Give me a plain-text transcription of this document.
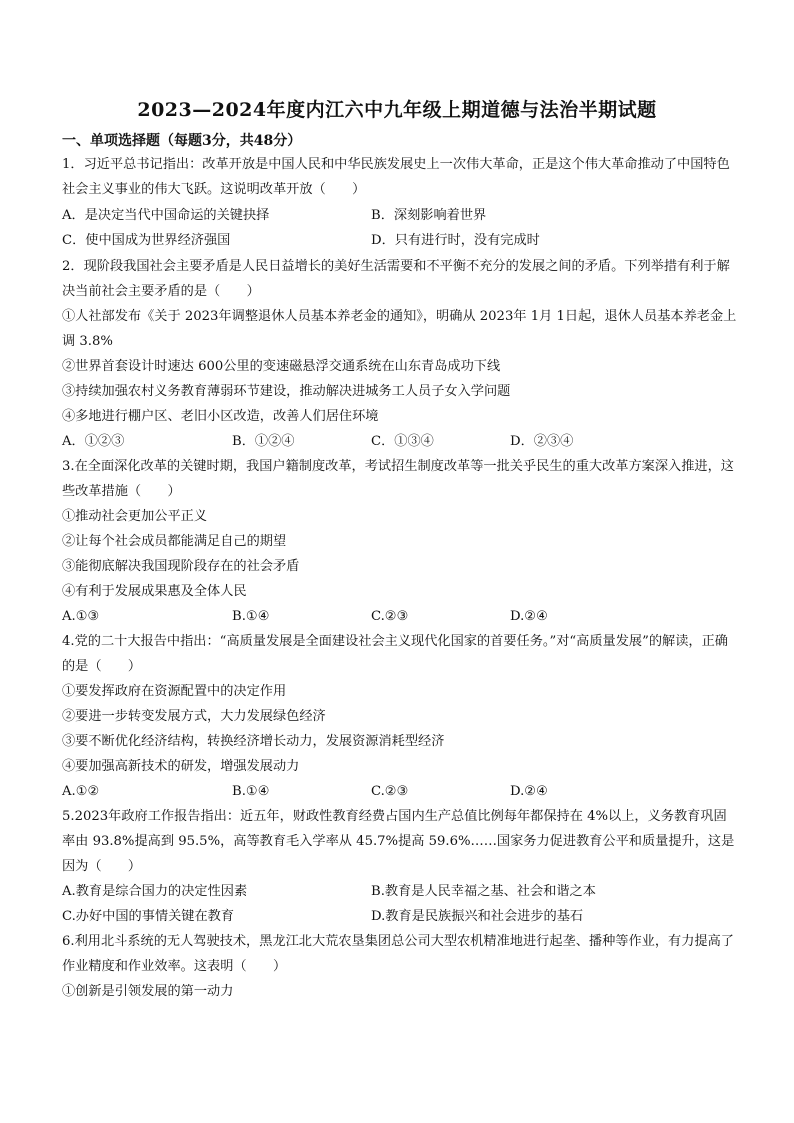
2023—2024年度内江六中九年级上期道德与法治半期试题
一、单项选择题（每题3分，共48分）
1．习近平总书记指出：改革开放是中国人民和中华民族发展史上一次伟大革命，正是这个伟大革命推动了中国特色社会主义事业的伟大飞跃。这说明改革开放（　　）
A．是决定当代中国命运的关键抉择	B．深刻影响着世界
C．使中国成为世界经济强国	D．只有进行时，没有完成时
2．现阶段我国社会主要矛盾是人民日益增长的美好生活需要和不平衡不充分的发展之间的矛盾。下列举措有利于解决当前社会主要矛盾的是（　　）
①人社部发布《关于 2023年调整退休人员基本养老金的通知》，明确从 2023年 1月 1日起，退休人员基本养老金上调 3.8%
②世界首套设计时速达 600公里的变速磁悬浮交通系统在山东青岛成功下线
③持续加强农村义务教育薄弱环节建设，推动解决进城务工人员子女入学问题
④多地进行棚户区、老旧小区改造，改善人们居住环境
A．①②③	B．①②④	C．①③④	D．②③④
3.在全面深化改革的关键时期，我国户籍制度改革，考试招生制度改革等一批关乎民生的重大改革方案深入推进，这些改革措施（　　）
①推动社会更加公平正义
②让每个社会成员都能满足自己的期望
③能彻底解决我国现阶段存在的社会矛盾
④有利于发展成果惠及全体人民
A.①③	B.①④	C.②③	D.②④
4.党的二十大报告中指出：“高质量发展是全面建设社会主义现代化国家的首要任务。”对“高质量发展”的解读，正确的是（　　）
①要发挥政府在资源配置中的决定作用
②要进一步转变发展方式，大力发展绿色经济
③要不断优化经济结构，转换经济增长动力，发展资源消耗型经济
④要加强高新技术的研发，增强发展动力
A.①②	B.①④	C.②③	D.②④
5.2023年政府工作报告指出：近五年，财政性教育经费占国内生产总值比例每年都保持在 4%以上，义务教育巩固率由 93.8%提高到 95.5%，高等教育毛入学率从 45.7%提高 59.6%……国家务力促进教育公平和质量提升，这是因为（　　）
A.教育是综合国力的决定性因素	B.教育是人民幸福之基、社会和谐之本
C.办好中国的事情关键在教育	D.教育是民族振兴和社会进步的基石
6.利用北斗系统的无人驾驶技术，黑龙江北大荒农垦集团总公司大型农机精准地进行起垄、播种等作业，有力提高了作业精度和作业效率。这表明（　　）
①创新是引领发展的第一动力
